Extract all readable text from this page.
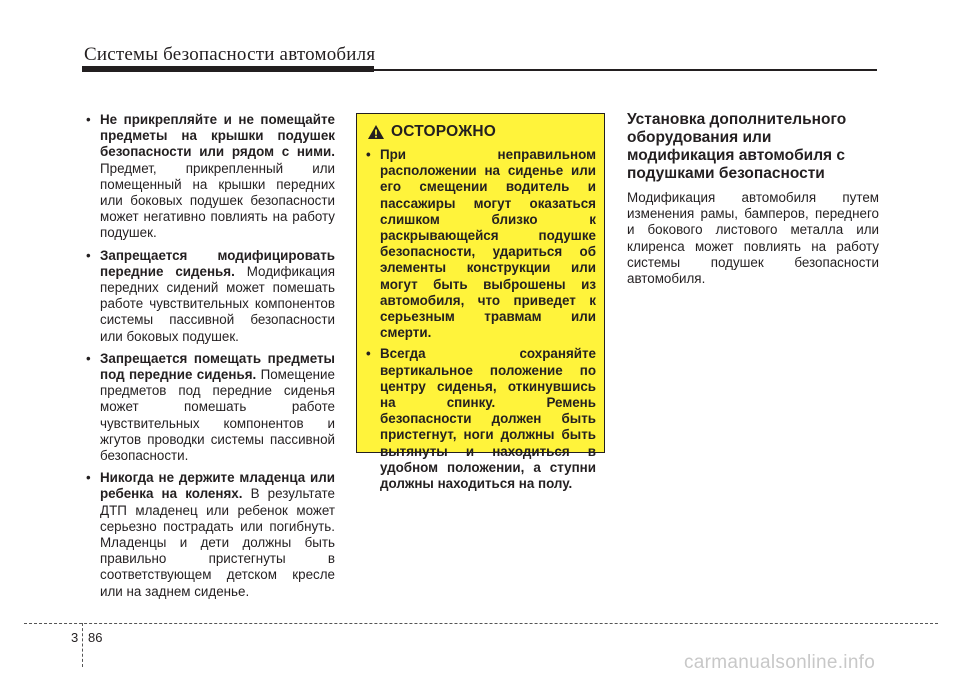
Системы безопасности автомобиля
• Не прикрепляйте и не помещайте предметы на крышки подушек безопасности или рядом с ними. Предмет, прикрепленный или помещенный на крышки передних или боковых подушек безопасности может негативно повлиять на работу подушек.
• Запрещается модифицировать передние сиденья. Модификация передних сидений может помешать работе чувствительных компонентов системы пассивной безопасности или боковых подушек.
• Запрещается помещать предметы под передние сиденья. Помещение предметов под передние сиденья может помешать работе чувствительных компонентов и жгутов проводки системы пассивной безопасности.
• Никогда не держите младенца или ребенка на коленях. В результате ДТП младенец или ребенок может серьезно пострадать или погибнуть. Младенцы и дети должны быть правильно пристегнуты в соответствующем детском кресле или на заднем сиденье.
ОСТОРОЖНО
• При неправильном расположении на сиденье или его смещении водитель и пассажиры могут оказаться слишком близко к раскрывающейся подушке безопасности, удариться об элементы конструкции или могут быть выброшены из автомобиля, что приведет к серьезным травмам или смерти.
• Всегда сохраняйте вертикальное положение по центру сиденья, откинувшись на спинку. Ремень безопасности должен быть пристегнут, ноги должны быть вытянуты и находиться в удобном положении, а ступни должны находиться на полу.
Установка дополнительного оборудования или модификация автомобиля с подушками безопасности

Модификация автомобиля путем изменения рамы, бамперов, переднего и бокового листового металла или клиренса может повлиять на работу системы подушек безопасности автомобиля.

3 86
carmanualsonline.info
